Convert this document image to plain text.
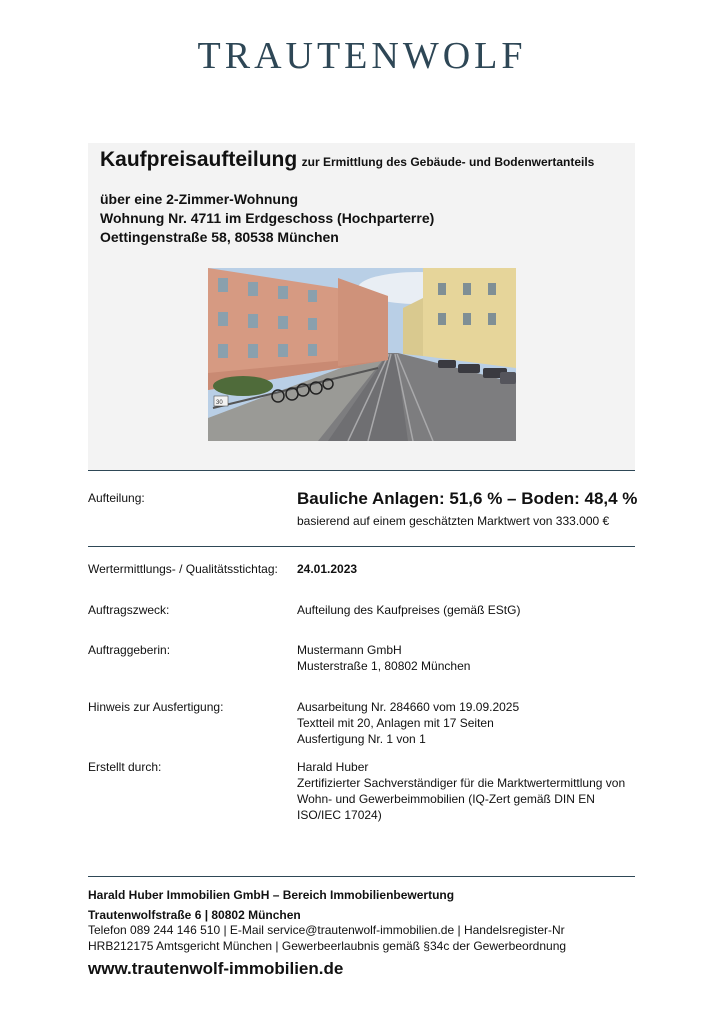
TRAUTENWOLF
Kaufpreisaufteilung zur Ermittlung des Gebäude- und Bodenwertanteils
über eine 2-Zimmer-Wohnung
Wohnung Nr. 4711 im Erdgeschoss (Hochparterre)
Oettingenstraße 58, 80538 München
30
Aufteilung:	Bauliche Anlagen: 51,6 % – Boden: 48,4 %
basierend auf einem geschätzten Marktwert von 333.000 €
Wertermittlungs- / Qualitätsstichtag: 24.01.2023
Auftragszweck:	Aufteilung des Kaufpreises (gemäß EStG)
Auftraggeberin:	Mustermann GmbH
Musterstraße 1, 80802 München
Hinweis zur Ausfertigung:	Ausarbeitung Nr. 284660 vom 19.09.2025
Textteil mit 20, Anlagen mit 17 Seiten
Ausfertigung Nr. 1 von 1
Erstellt durch:	Harald Huber
Zertifizierter Sachverständiger für die Marktwertermittlung von
Wohn- und Gewerbeimmobilien (IQ-Zert gemäß DIN EN
ISO/IEC 17024)
Harald Huber Immobilien GmbH – Bereich Immobilienbewertung
Trautenwolfstraße 6 | 80802 München
Telefon 089 244 146 510 | E-Mail service@trautenwolf-immobilien.de | Handelsregister-Nr
HRB212175 Amtsgericht München | Gewerbeerlaubnis gemäß §34c der Gewerbeordnung
www.trautenwolf-immobilien.de
